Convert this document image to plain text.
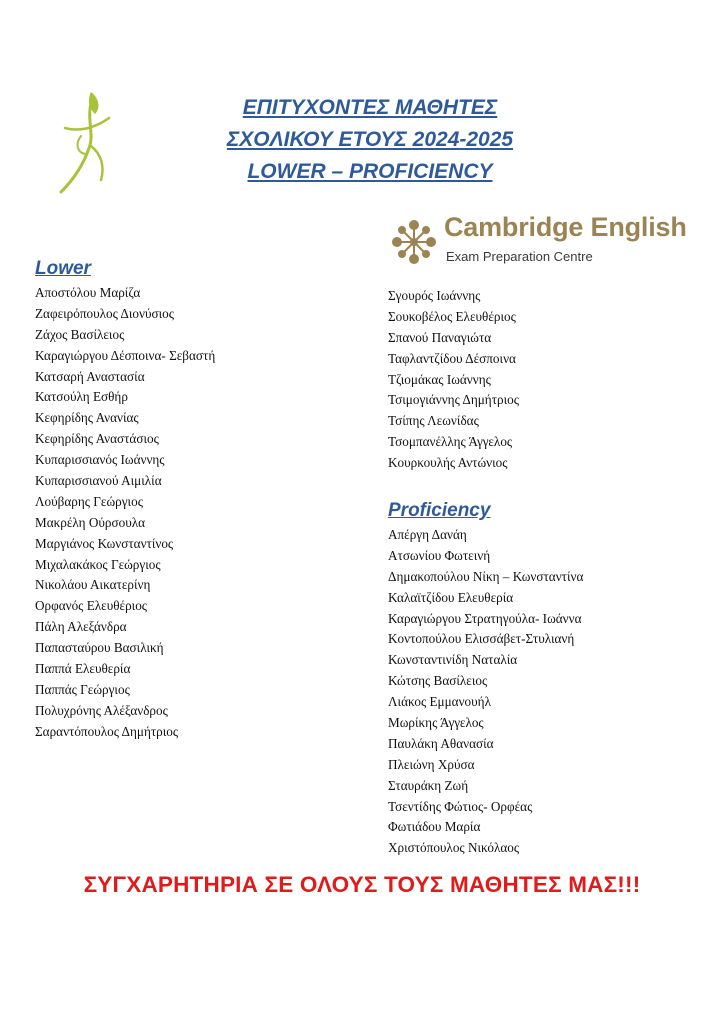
ΕΠΙΤΥΧΟΝΤΕΣ ΜΑΘΗΤΕΣ
ΣΧΟΛΙΚΟΥ ΕΤΟΥΣ 2024-2025
LOWER – PROFICIENCY
Cambridge English
Exam Preparation Centre
Lower
Αποστόλου Μαρίζα
Ζαφειρόπουλος Διονύσιος
Ζάχος Βασίλειος
Καραγιώργου Δέσποινα- Σεβαστή
Κατσαρή Αναστασία
Κατσούλη Εσθήρ
Κεφηρίδης Ανανίας
Κεφηρίδης Αναστάσιος
Κυπαρισσιανός Ιωάννης
Κυπαρισσιανού Αιμιλία
Λούβαρης Γεώργιος
Μακρέλη Ούρσουλα
Μαργιάνος Κωνσταντίνος
Μιχαλακάκος Γεώργιος
Νικολάου Αικατερίνη
Ορφανός Ελευθέριος
Πάλη Αλεξάνδρα
Παπασταύρου Βασιλική
Παππά Ελευθερία
Παππάς Γεώργιος
Πολυχρόνης Αλέξανδρος
Σαραντόπουλος Δημήτριος
Σγουρός Ιωάννης
Σουκοβέλος Ελευθέριος
Σπανού Παναγιώτα
Ταφλαντζίδου Δέσποινα
Τζιομάκας Ιωάννης
Τσιμογιάννης Δημήτριος
Τσίπης Λεωνίδας
Τσομπανέλλης Άγγελος
Κουρκουλής Αντώνιος
Proficiency
Απέργη Δανάη
Ατσωνίου Φωτεινή
Δημακοπούλου Νίκη – Κωνσταντίνα
Καλαϊτζίδου Ελευθερία
Καραγιώργου Στρατηγούλα- Ιωάννα
Κοντοπούλου Ελισσάβετ-Στυλιανή
Κωνσταντινίδη Ναταλία
Κώτσης Βασίλειος
Λιάκος Εμμανουήλ
Μωρίκης Άγγελος
Παυλάκη Αθανασία
Πλειώνη Χρύσα
Σταυράκη Ζωή
Τσεντίδης Φώτιος- Ορφέας
Φωτιάδου Μαρία
Χριστόπουλος Νικόλαος
ΣΥΓΧΑΡΗΤΗΡΙΑ ΣΕ ΟΛΟΥΣ ΤΟΥΣ ΜΑΘΗΤΕΣ ΜΑΣ!!!
